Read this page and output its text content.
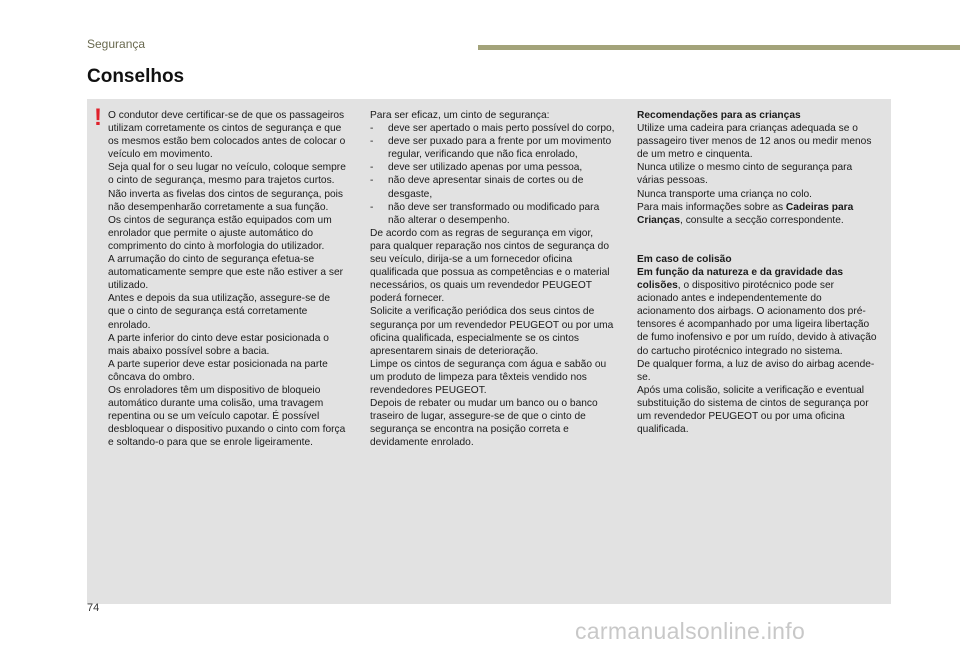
Segurança
Conselhos
! O condutor deve certificar-se de que os passageiros utilizam corretamente os cintos de segurança e que os mesmos estão bem colocados antes de colocar o veículo em movimento.

Seja qual for o seu lugar no veículo, coloque sempre o cinto de segurança, mesmo para trajetos curtos.

Não inverta as fivelas dos cintos de segurança, pois não desempenharão corretamente a sua função.

Os cintos de segurança estão equipados com um enrolador que permite o ajuste automático do comprimento do cinto à morfologia do utilizador.

A arrumação do cinto de segurança efetua-se automaticamente sempre que este não estiver a ser utilizado.

Antes e depois da sua utilização, assegure-se de que o cinto de segurança está corretamente enrolado.

A parte inferior do cinto deve estar posicionada o mais abaixo possível sobre a bacia.

A parte superior deve estar posicionada na parte côncava do ombro.

Os enroladores têm um dispositivo de bloqueio automático durante uma colisão, uma travagem repentina ou se um veículo capotar. É possível desbloquear o dispositivo puxando o cinto com força e soltando-o para que se enrole ligeiramente.

Para ser eficaz, um cinto de segurança:

-	deve ser apertado o mais perto possível do corpo,
-	deve ser puxado para a frente por um movimento regular, verificando que não fica enrolado,
-	deve ser utilizado apenas por uma pessoa,
-	não deve apresentar sinais de cortes ou de desgaste,
-	não deve ser transformado ou modificado para não alterar o desempenho.

De acordo com as regras de segurança em vigor, para qualquer reparação nos cintos de segurança do seu veículo, dirija-se a um fornecedor oficina qualificada que possua as competências e o material necessários, os quais um revendedor PEUGEOT poderá fornecer.

Solicite a verificação periódica dos seus cintos de segurança por um revendedor PEUGEOT ou por uma oficina qualificada, especialmente se os cintos apresentarem sinais de deterioração.

Limpe os cintos de segurança com água e sabão ou um produto de limpeza para têxteis vendido nos revendedores PEUGEOT.

Depois de rebater ou mudar um banco ou o banco traseiro de lugar, assegure-se de que o cinto de segurança se encontra na posição correta e devidamente enrolado.

Recomendações para as crianças

Utilize uma cadeira para crianças adequada se o passageiro tiver menos de 12 anos ou medir menos de um metro e cinquenta.

Nunca utilize o mesmo cinto de segurança para várias pessoas.

Nunca transporte uma criança no colo.

Para mais informações sobre as Cadeiras para Crianças, consulte a secção correspondente.

Em caso de colisão

Em função da natureza e da gravidade das colisões, o dispositivo pirotécnico pode ser acionado antes e independentemente do acionamento dos airbags. O acionamento dos pré-tensores é acompanhado por uma ligeira libertação de fumo inofensivo e por um ruído, devido à ativação do cartucho pirotécnico integrado no sistema.

De qualquer forma, a luz de aviso do airbag acende-se.

Após uma colisão, solicite a verificação e eventual substituição do sistema de cintos de segurança por um revendedor PEUGEOT ou por uma oficina qualificada.

74
carmanualsonline.info
